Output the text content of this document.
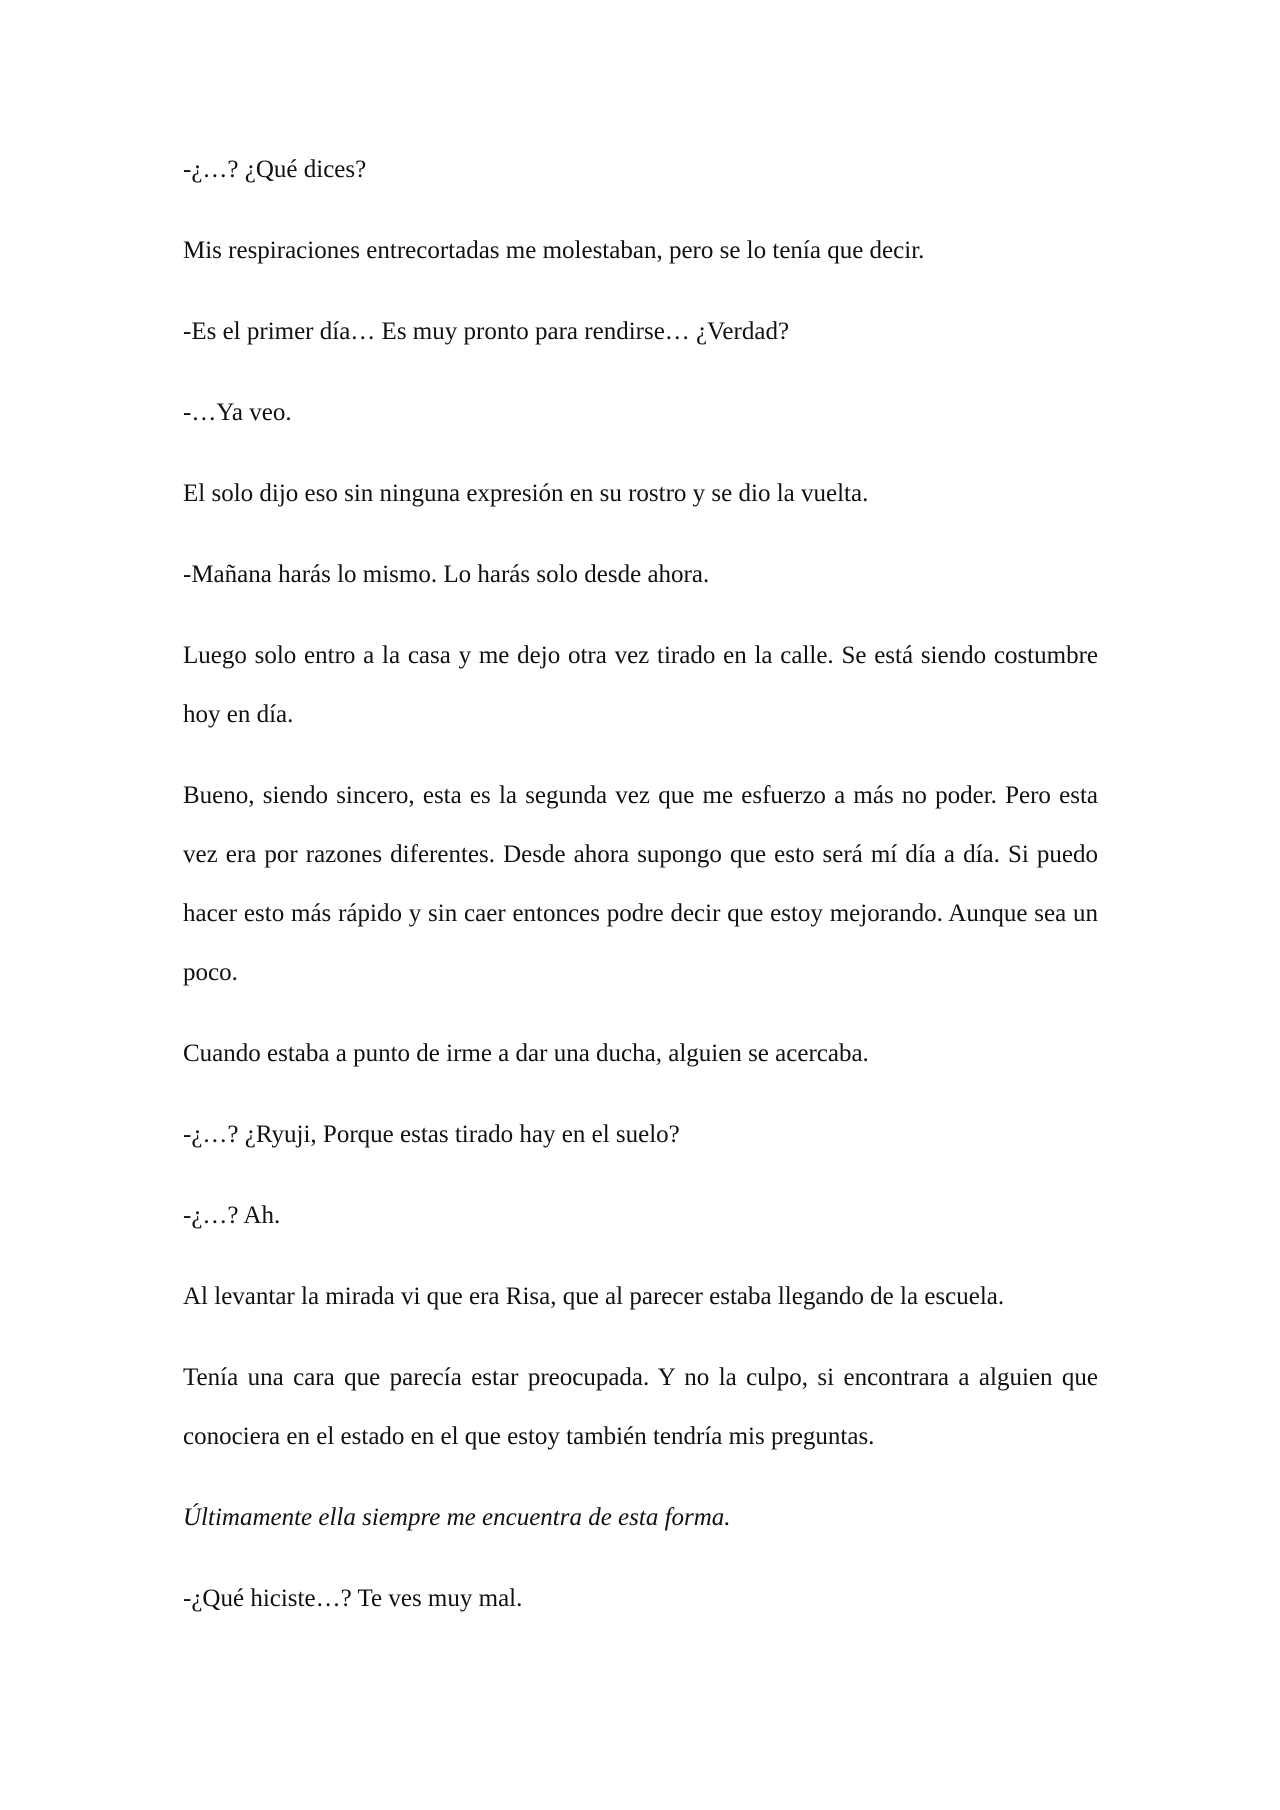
-¿…? ¿Qué dices?

Mis respiraciones entrecortadas me molestaban, pero se lo tenía que decir.

-Es el primer día… Es muy pronto para rendirse… ¿Verdad?

-…Ya veo.

El solo dijo eso sin ninguna expresión en su rostro y se dio la vuelta.

-Mañana harás lo mismo. Lo harás solo desde ahora.

Luego solo entro a la casa y me dejo otra vez tirado en la calle. Se está siendo costumbre hoy en día.

Bueno, siendo sincero, esta es la segunda vez que me esfuerzo a más no poder. Pero esta vez era por razones diferentes. Desde ahora supongo que esto será mí día a día. Si puedo hacer esto más rápido y sin caer entonces podre decir que estoy mejorando. Aunque sea un poco.

Cuando estaba a punto de irme a dar una ducha, alguien se acercaba.

-¿…? ¿Ryuji, Porque estas tirado hay en el suelo?

-¿…? Ah.

Al levantar la mirada vi que era Risa, que al parecer estaba llegando de la escuela.

Tenía una cara que parecía estar preocupada. Y no la culpo, si encontrara a alguien que conociera en el estado en el que estoy también tendría mis preguntas.

Últimamente ella siempre me encuentra de esta forma.

-¿Qué hiciste…? Te ves muy mal.
